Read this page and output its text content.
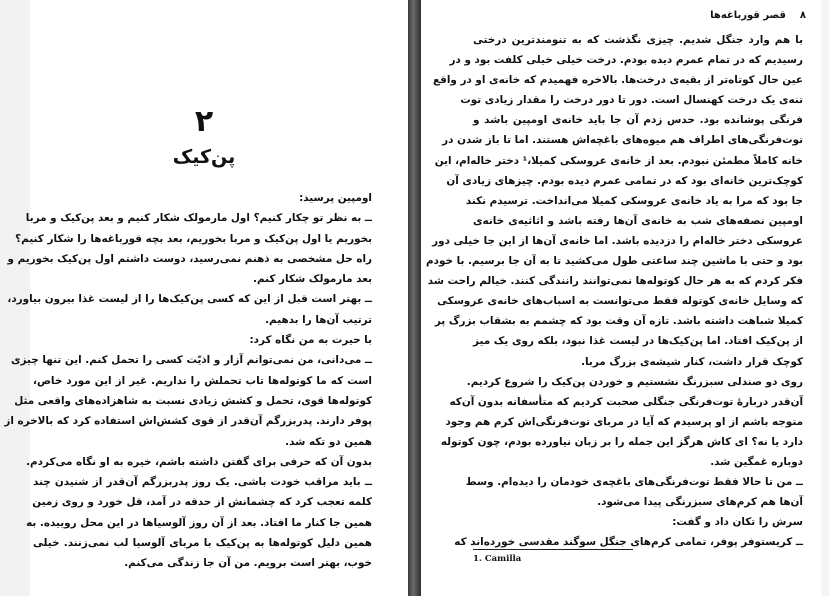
۲
پن‌کیک

اومپین پرسید:

ــ به نظر تو چکار کنیم؟ اول مارمولک شکار کنیم و بعد پن‌کیک و مربا

بخوریم یا اول پن‌کیک و مربا بخوریم، بعد بچه قورباغه‌ها را شکار کنیم؟

راه حل مشخصی به ذهنم نمی‌رسید، دوست داشتم اول پن‌کیک بخوریم و

بعد مارمولک شکار کنم.

ــ بهتر است قبل از این که کسی پن‌کیک‌ها را از لیست غذا بیرون بیاورد،

ترتیب آن‌ها را بدهیم.

با حیرت به من نگاه کرد:

ــ می‌دانی، من نمی‌توانم آزار و اذیّت کسی را تحمل کنم. این تنها چیزی

است که ما کوتوله‌ها تاب تحملش را نداریم. غیر از این مورد خاص،

کوتوله‌ها قوی، تحمل و کشش زیادی نسبت به شاهزاده‌های واقعی مثل

پوفر دارند. پدربزرگم آن‌قدر از قوی کشش‌اش استفاده کرد که بالاخره از

همین دو تکه شد.

بدون آن که حرفی برای گفتن داشته باشم، خیره به او نگاه می‌کردم.

ــ باید مراقب خودت باشی. یک روز پدربزرگم آن‌قدر از شنیدن چند

کلمه تعجب کرد که چشمانش از حدقه در آمد، قل خورد و روی زمین

همین جا کنار ما افتاد. بعد از آن روز آلوسیاها در این محل روییده. به

همین دلیل کوتوله‌ها به پن‌کیک با مربای آلوسیا لب نمی‌زنند. خیلی

خوب، بهتر است برویم. من آن جا زندگی می‌کنم.

۸    قصر قورباغه‌ها

با هم وارد جنگل شدیم. چیزی نگذشت که به تنومندترین درختی

رسیدیم که در تمام عمرم دیده بودم. درخت خیلی خیلی کلفت بود و در

عین حال کوتاه‌تر از بقیه‌ی درخت‌ها. بالاخره فهمیدم که خانه‌ی او در واقع

تنه‌ی یک درخت کهنسال است. دور تا دور درخت را مقدار زیادی توت

فرنگی پوشانده بود. حدس زدم آن جا باید خانه‌ی اومپین باشد و

توت‌فرنگی‌های اطراف هم میوه‌های باغچه‌اش هستند. اما تا باز شدن در

خانه کاملاً مطمئن نبودم. بعد از خانه‌ی عروسکی کمیلا،¹ دختر خاله‌ام، این

کوچک‌ترین خانه‌ای بود که در تمامی عمرم دیده بودم. چیزهای زیادی آن

جا بود که مرا به یاد خانه‌ی عروسکی کمیلا می‌انداخت. ترسیدم نکند

اومپین نصفه‌های شب به خانه‌ی آن‌ها رفته باشد و اثاثیه‌ی خانه‌ی

عروسکی دختر خاله‌ام را دزدیده باشد. اما خانه‌ی آن‌ها از این جا خیلی دور

بود و حتی با ماشین چند ساعتی طول می‌کشید تا به آن جا برسیم. با خودم

فکر کردم که به هر حال کوتوله‌ها نمی‌توانند رانندگی کنند. خیالم راحت شد

که وسایل خانه‌ی کوتوله فقط می‌توانست به اسباب‌های خانه‌ی عروسکی

کمیلا شباهت داشته باشد. تازه آن وقت بود که چشمم به بشقاب بزرگ پر

از پن‌کیک افتاد. اما پن‌کیک‌ها در لیست غذا نبود، بلکه روی یک میز

کوچک قرار داشت، کنار شیشه‌ی بزرگ مربا.

روی دو صندلی سبزرنگ نشستیم و خوردن پن‌کیک را شروع کردیم.

آن‌قدر دربارۀ توت‌فرنگی جنگلی صحبت کردیم که متأسفانه بدون آن‌که

متوجه باشم از او پرسیدم که آیا در مربای توت‌فرنگی‌اش کرم هم وجود

دارد یا نه؟ ای کاش هرگز این جمله را بر زبان نیاورده بودم، چون کوتوله

دوباره غمگین شد.

ــ من تا حالا فقط توت‌فرنگی‌های باغچه‌ی خودمان را دیده‌ام. وسط

آن‌ها هم کرم‌های سبزرنگی پیدا می‌شود.

سرش را تکان داد و گفت:

ــ کریستوفر پوفر، تمامی کرم‌های جنگل سوگند مقدسی خورده‌اند که

1. Camilla
